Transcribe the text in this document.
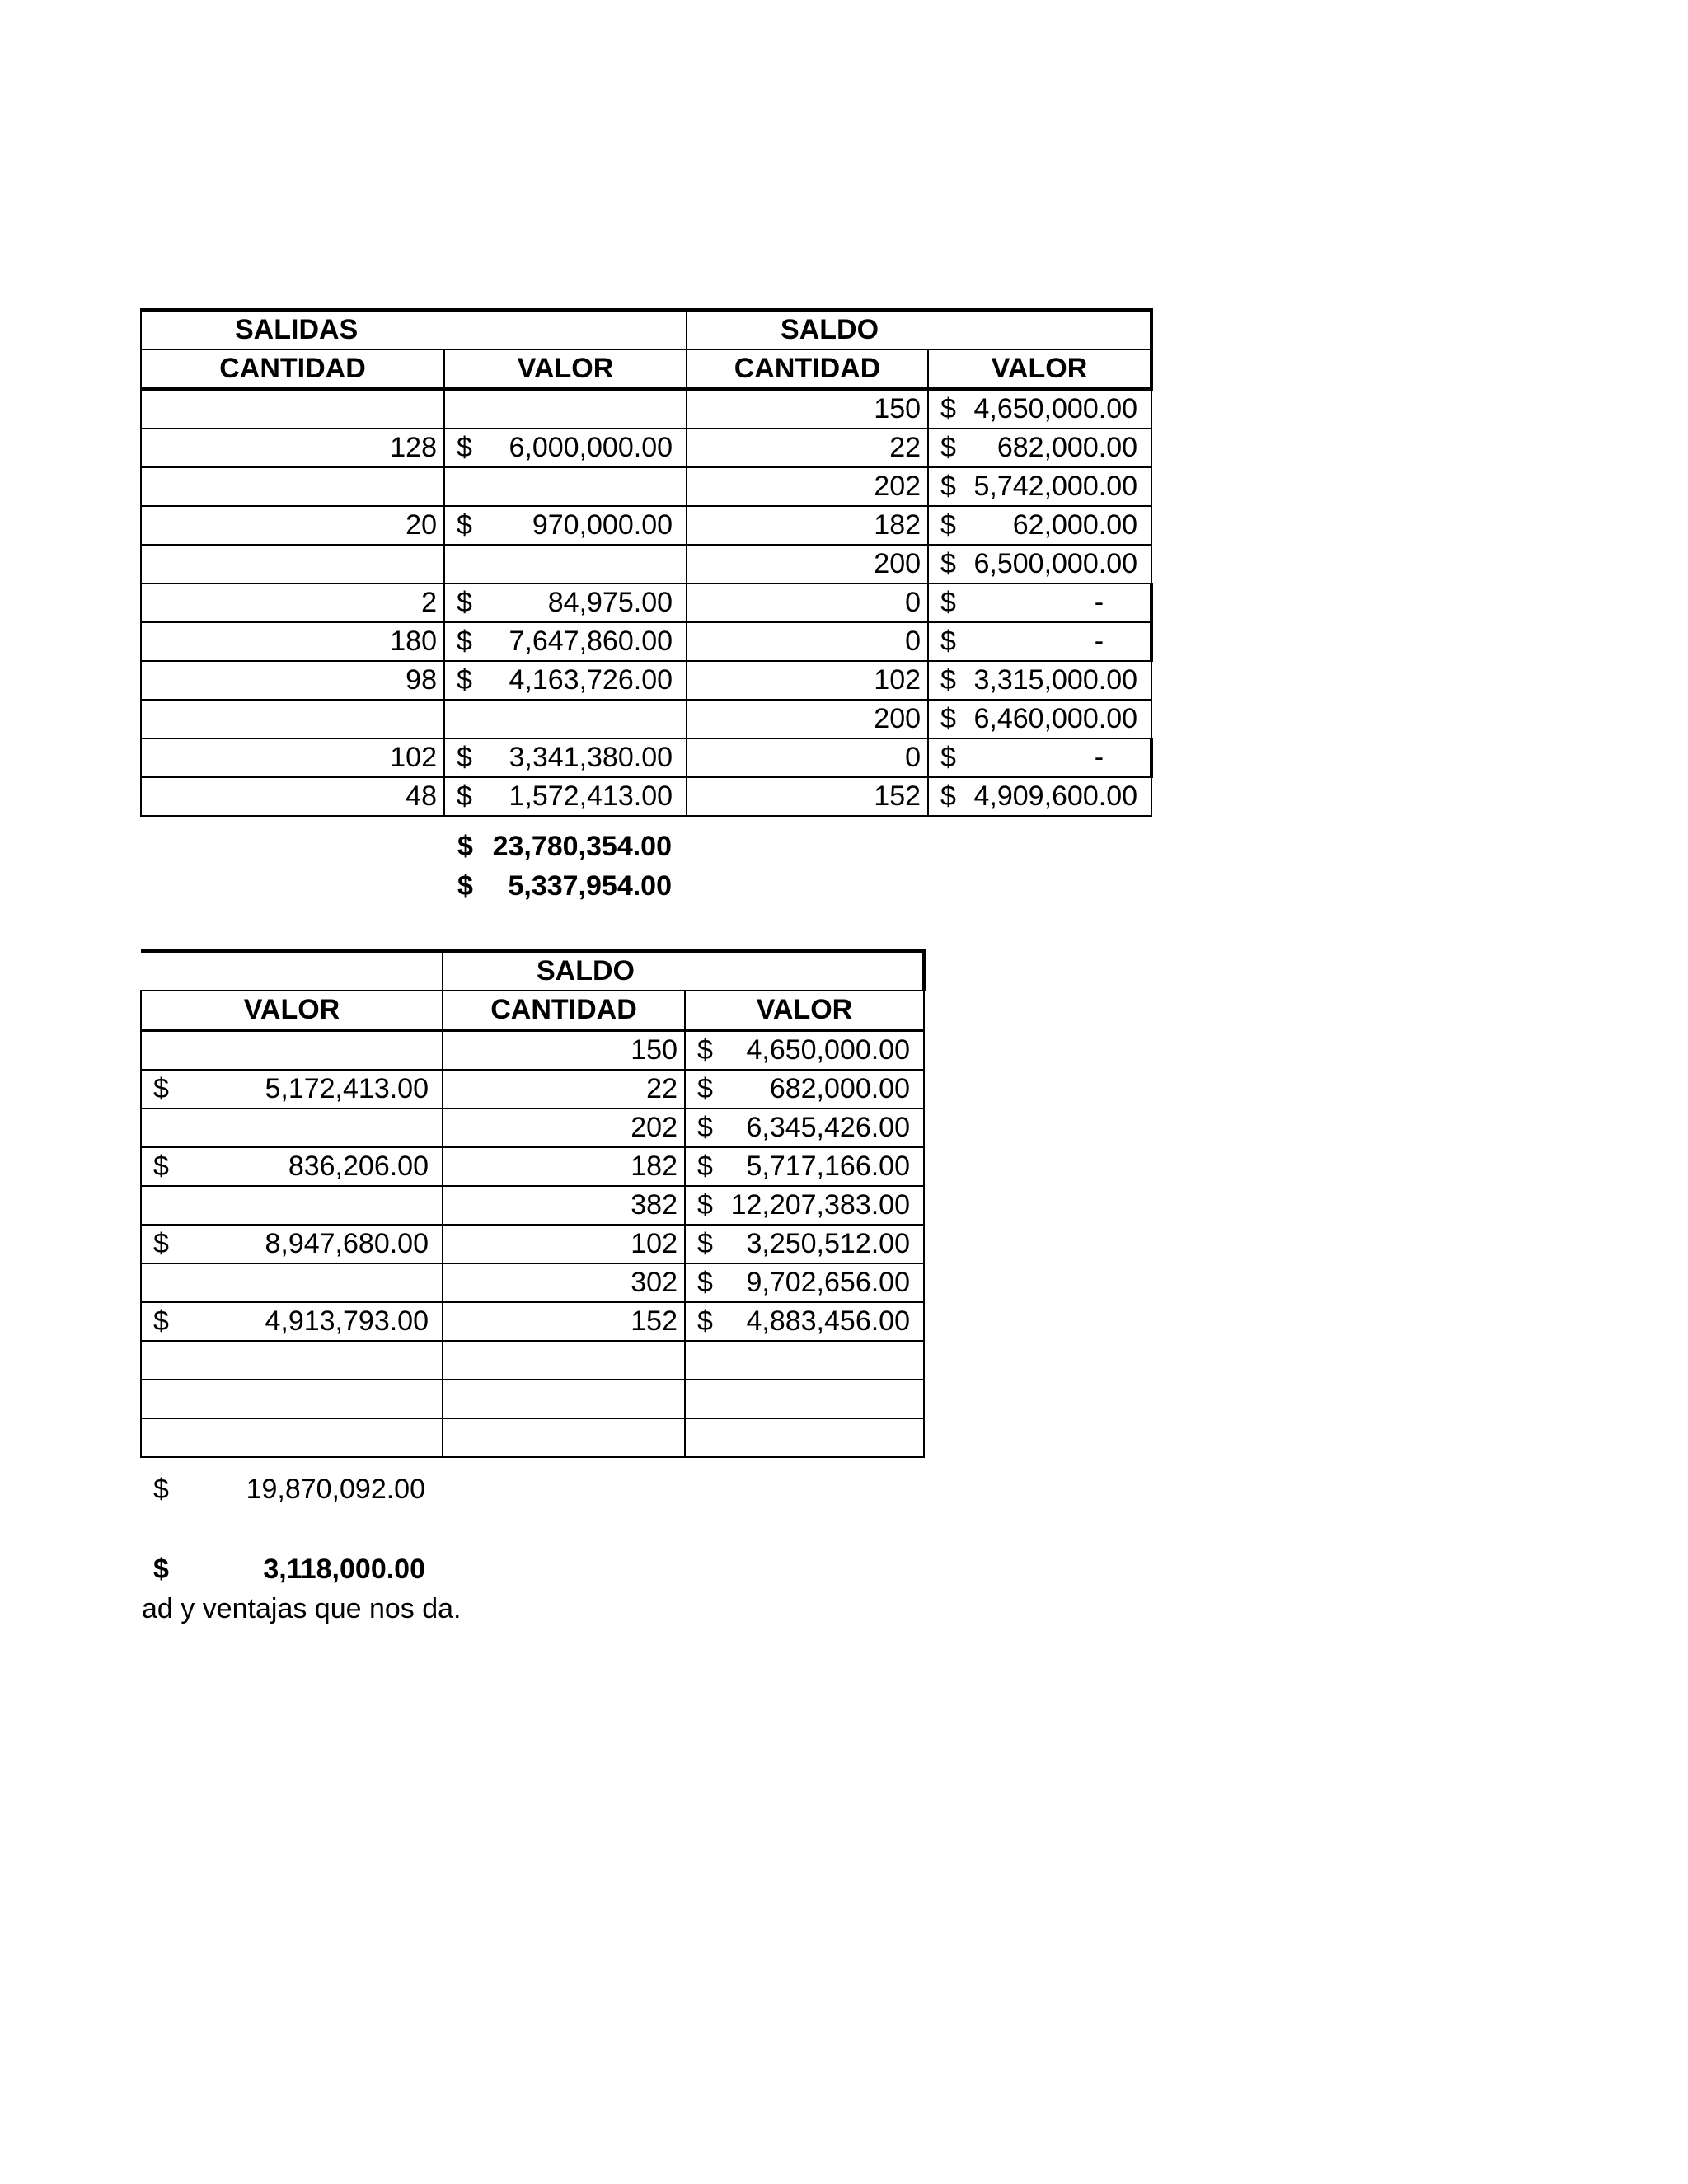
SALIDAS		SALDO	
CANTIDAD	VALOR	CANTIDAD	VALOR
		150	$ 4,650,000.00

128	$ 6,000,000.00	22	$ 682,000.00

		202	$ 5,742,000.00

20	$ 970,000.00	182	$ 62,000.00

		200	$ 6,500,000.00

2	$ 84,975.00	0	$ -

180	$ 7,647,860.00	0	$ -

98	$ 4,163,726.00	102	$ 3,315,000.00

		200	$ 6,460,000.00

102	$ 3,341,380.00	0	$ -

48	$ 1,572,413.00	152	$ 4,909,600.00
$ 23,780,354.00
$ 5,337,954.00
	SALDO	
VALOR	CANTIDAD	VALOR
	150	$ 4,650,000.00

$ 5,172,413.00	22	$ 682,000.00

	202	$ 6,345,426.00

$ 836,206.00	182	$ 5,717,166.00

	382	$ 12,207,383.00

$ 8,947,680.00	102	$ 3,250,512.00

	302	$ 9,702,656.00

$ 4,913,793.00	152	$ 4,883,456.00

$	19,870,092.00
$	3,118,000.00
ad y ventajas que nos da.
